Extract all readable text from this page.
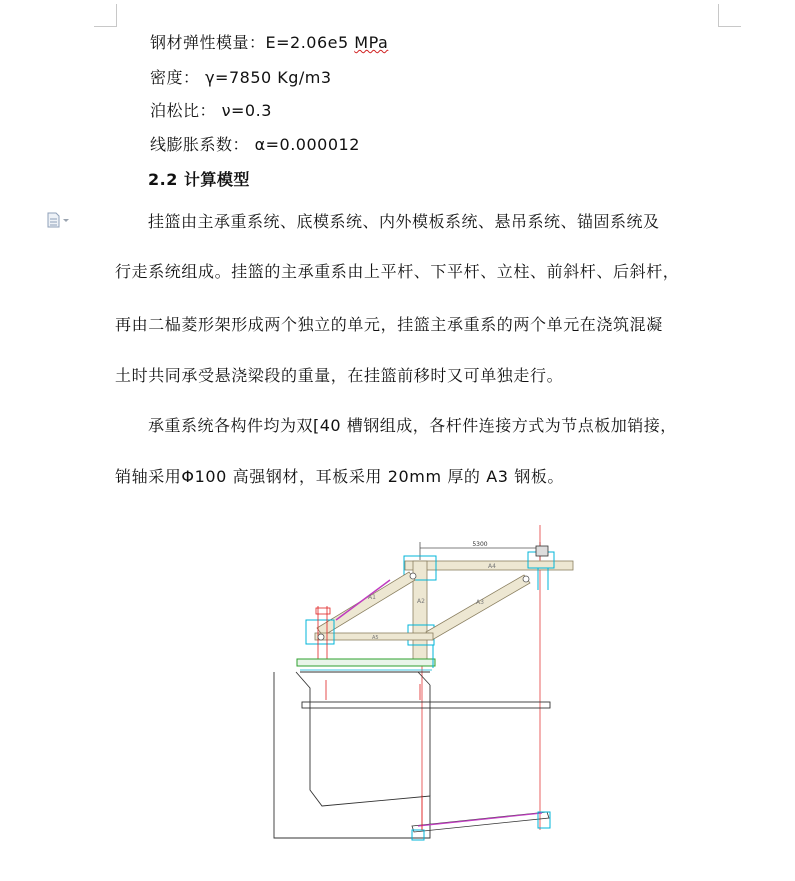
钢材弹性模量：E=2.06e5 MPa
密度： γ=7850 Kg/m3
泊松比： ν=0.3
线膨胀系数： α=0.000012
2.2 计算模型
挂篮由主承重系统、底模系统、内外模板系统、悬吊系统、锚固系统及
行走系统组成。挂篮的主承重系由上平杆、下平杆、立柱、前斜杆、后斜杆，
再由二榀菱形架形成两个独立的单元，挂篮主承重系的两个单元在浇筑混凝
土时共同承受悬浇梁段的重量，在挂篮前移时又可单独走行。
承重系统各构件均为双[40 槽钢组成，各杆件连接方式为节点板加销接，
销轴采用Φ100 高强钢材，耳板采用 20mm 厚的 A3 钢板。
5300
A4
A2	A3
A1
A5
